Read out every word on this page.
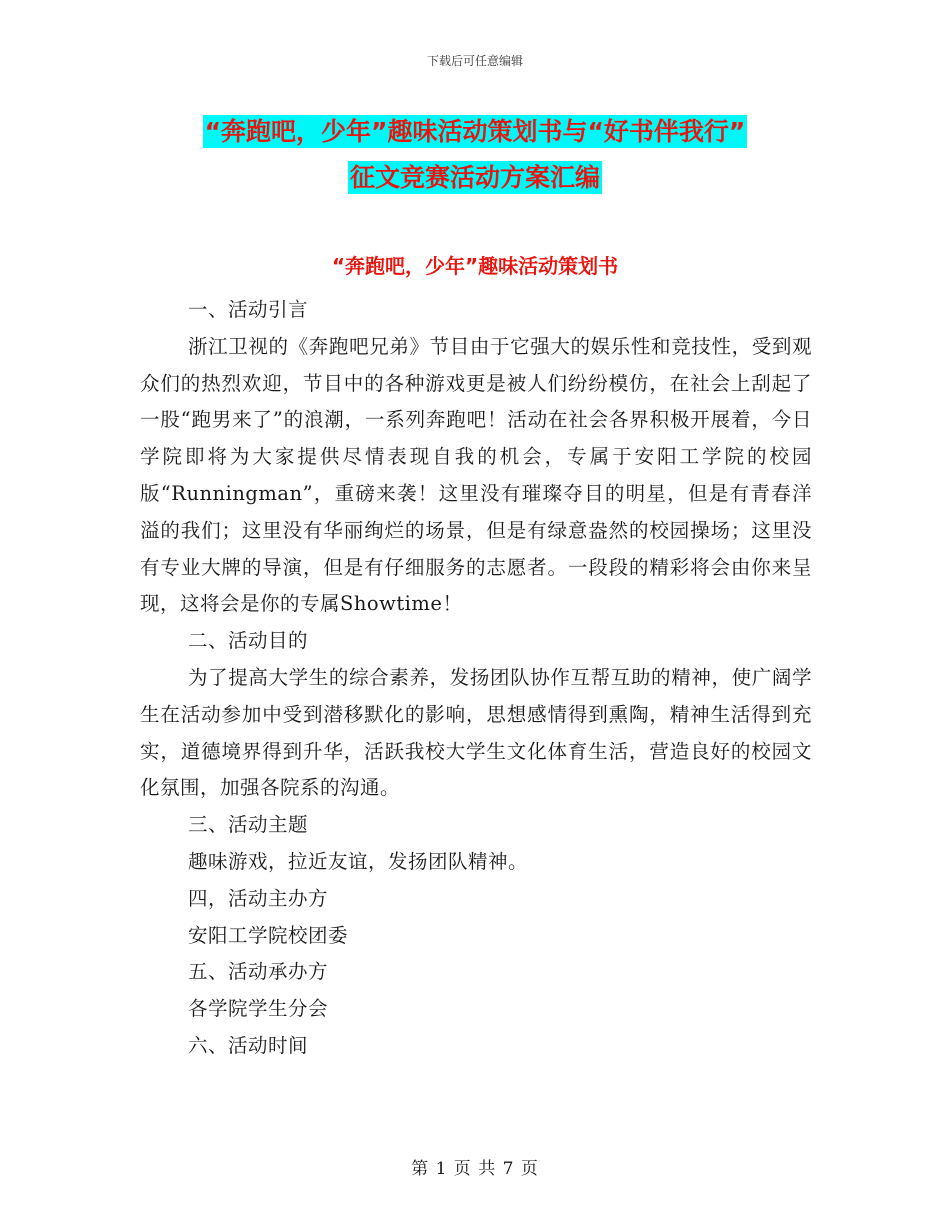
下载后可任意编辑
“奔跑吧，少年”趣味活动策划书与“好书伴我行”
征文竞赛活动方案汇编
“奔跑吧，少年”趣味活动策划书

一、活动引言

浙江卫视的《奔跑吧兄弟》节目由于它强大的娱乐性和竞技性，受到观众们的热烈欢迎，节目中的各种游戏更是被人们纷纷模仿，在社会上刮起了一股“跑男来了”的浪潮，一系列奔跑吧！活动在社会各界积极开展着，今日学院即将为大家提供尽情表现自我的机会，专属于安阳工学院的校园版“Runningman”，重磅来袭！这里没有璀璨夺目的明星，但是有青春洋溢的我们；这里没有华丽绚烂的场景，但是有绿意盎然的校园操场；这里没有专业大牌的导演，但是有仔细服务的志愿者。一段段的精彩将会由你来呈现，这将会是你的专属Showtime！

二、活动目的

为了提高大学生的综合素养，发扬团队协作互帮互助的精神，使广阔学生在活动参加中受到潜移默化的影响，思想感情得到熏陶，精神生活得到充实，道德境界得到升华，活跃我校大学生文化体育生活，营造良好的校园文化氛围，加强各院系的沟通。

三、活动主题

趣味游戏，拉近友谊，发扬团队精神。

四，活动主办方

安阳工学院校团委

五、活动承办方

各学院学生分会

六、活动时间

第 1 页 共 7 页
